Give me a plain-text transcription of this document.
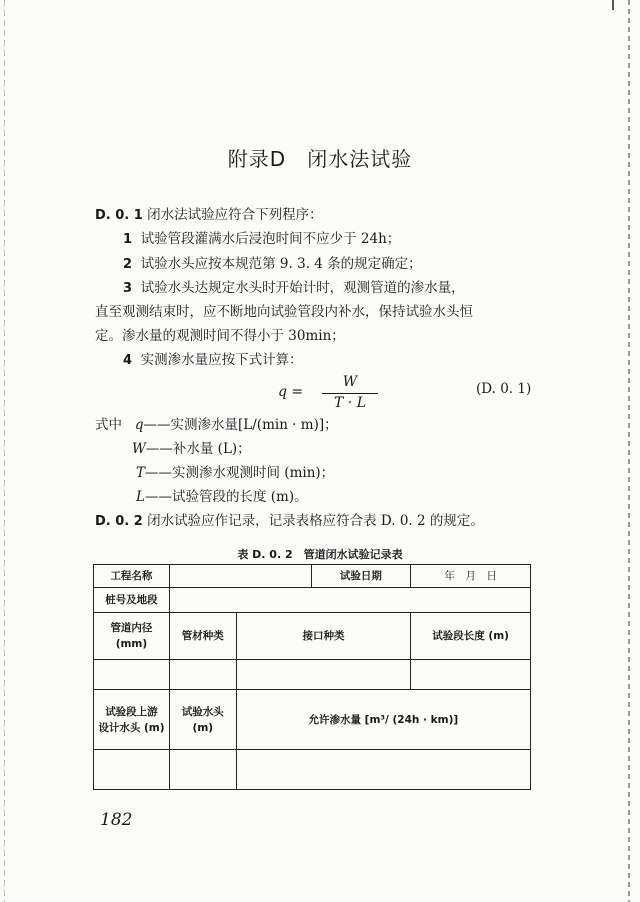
附录D　闭水法试验
D. 0. 1 闭水法试验应符合下列程序：
1 试验管段灌满水后浸泡时间不应少于 24h；
2 试验水头应按本规范第 9. 3. 4 条的规定确定；
3 试验水头达规定水头时开始计时，观测管道的渗水量，
直至观测结束时，应不断地向试验管段内补水，保持试验水头恒
定。渗水量的观测时间不得小于 30min；
4 实测渗水量应按下式计算：
q =
W
T · L
(D. 0. 1)
式中 q——实测渗水量[L/(min · m)]；
W——补水量 (L)；
T——实测渗水观测时间 (min)；
L——试验管段的长度 (m)。
D. 0. 2 闭水试验应作记录，记录表格应符合表 D. 0. 2 的规定。
表 D. 0. 2　管道闭水试验记录表
工程名称			试验日期	年　月　日
桩号及地段				
管道内径
(mm)	管材种类	接口种类		试验段长度 (m)

试验段上游
设计水头 (m)	试验水头
(m)	允许渗水量 [m³/ (24h · km)]		

182
